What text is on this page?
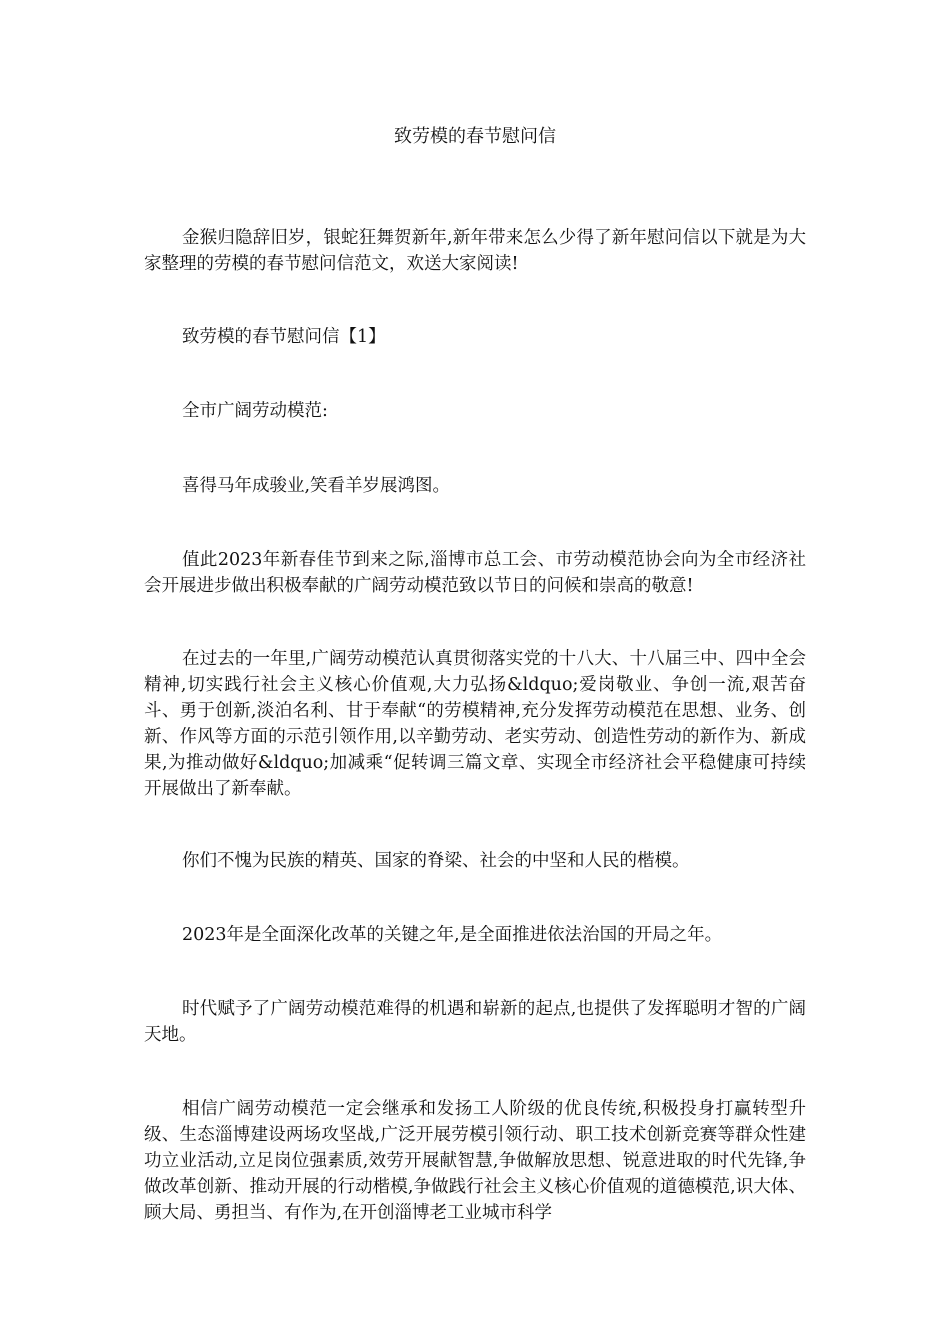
致劳模的春节慰问信

金猴归隐辞旧岁，银蛇狂舞贺新年,新年带来怎么少得了新年慰问信以下就是为大家整理的劳模的春节慰问信范文，欢送大家阅读!

致劳模的春节慰问信【1】

全市广阔劳动模范:

喜得马年成骏业,笑看羊岁展鸿图。

值此2023年新春佳节到来之际,淄博市总工会、市劳动模范协会向为全市经济社会开展进步做出积极奉献的广阔劳动模范致以节日的问候和崇高的敬意!

在过去的一年里,广阔劳动模范认真贯彻落实党的十八大、十八届三中、四中全会精神,切实践行社会主义核心价值观,大力弘扬&ldquo;爱岗敬业、争创一流,艰苦奋斗、勇于创新,淡泊名利、甘于奉献“的劳模精神,充分发挥劳动模范在思想、业务、创新、作风等方面的示范引领作用,以辛勤劳动、老实劳动、创造性劳动的新作为、新成果,为推动做好&ldquo;加减乘“促转调三篇文章、实现全市经济社会平稳健康可持续开展做出了新奉献。

你们不愧为民族的精英、国家的脊梁、社会的中坚和人民的楷模。

2023年是全面深化改革的关键之年,是全面推进依法治国的开局之年。

时代赋予了广阔劳动模范难得的机遇和崭新的起点,也提供了发挥聪明才智的广阔天地。

相信广阔劳动模范一定会继承和发扬工人阶级的优良传统,积极投身打赢转型升级、生态淄博建设两场攻坚战,广泛开展劳模引领行动、职工技术创新竞赛等群众性建功立业活动,立足岗位强素质,效劳开展献智慧,争做解放思想、锐意进取的时代先锋,争做改革创新、推动开展的行动楷模,争做践行社会主义核心价值观的道德模范,识大体、顾大局、勇担当、有作为,在开创淄博老工业城市科学
